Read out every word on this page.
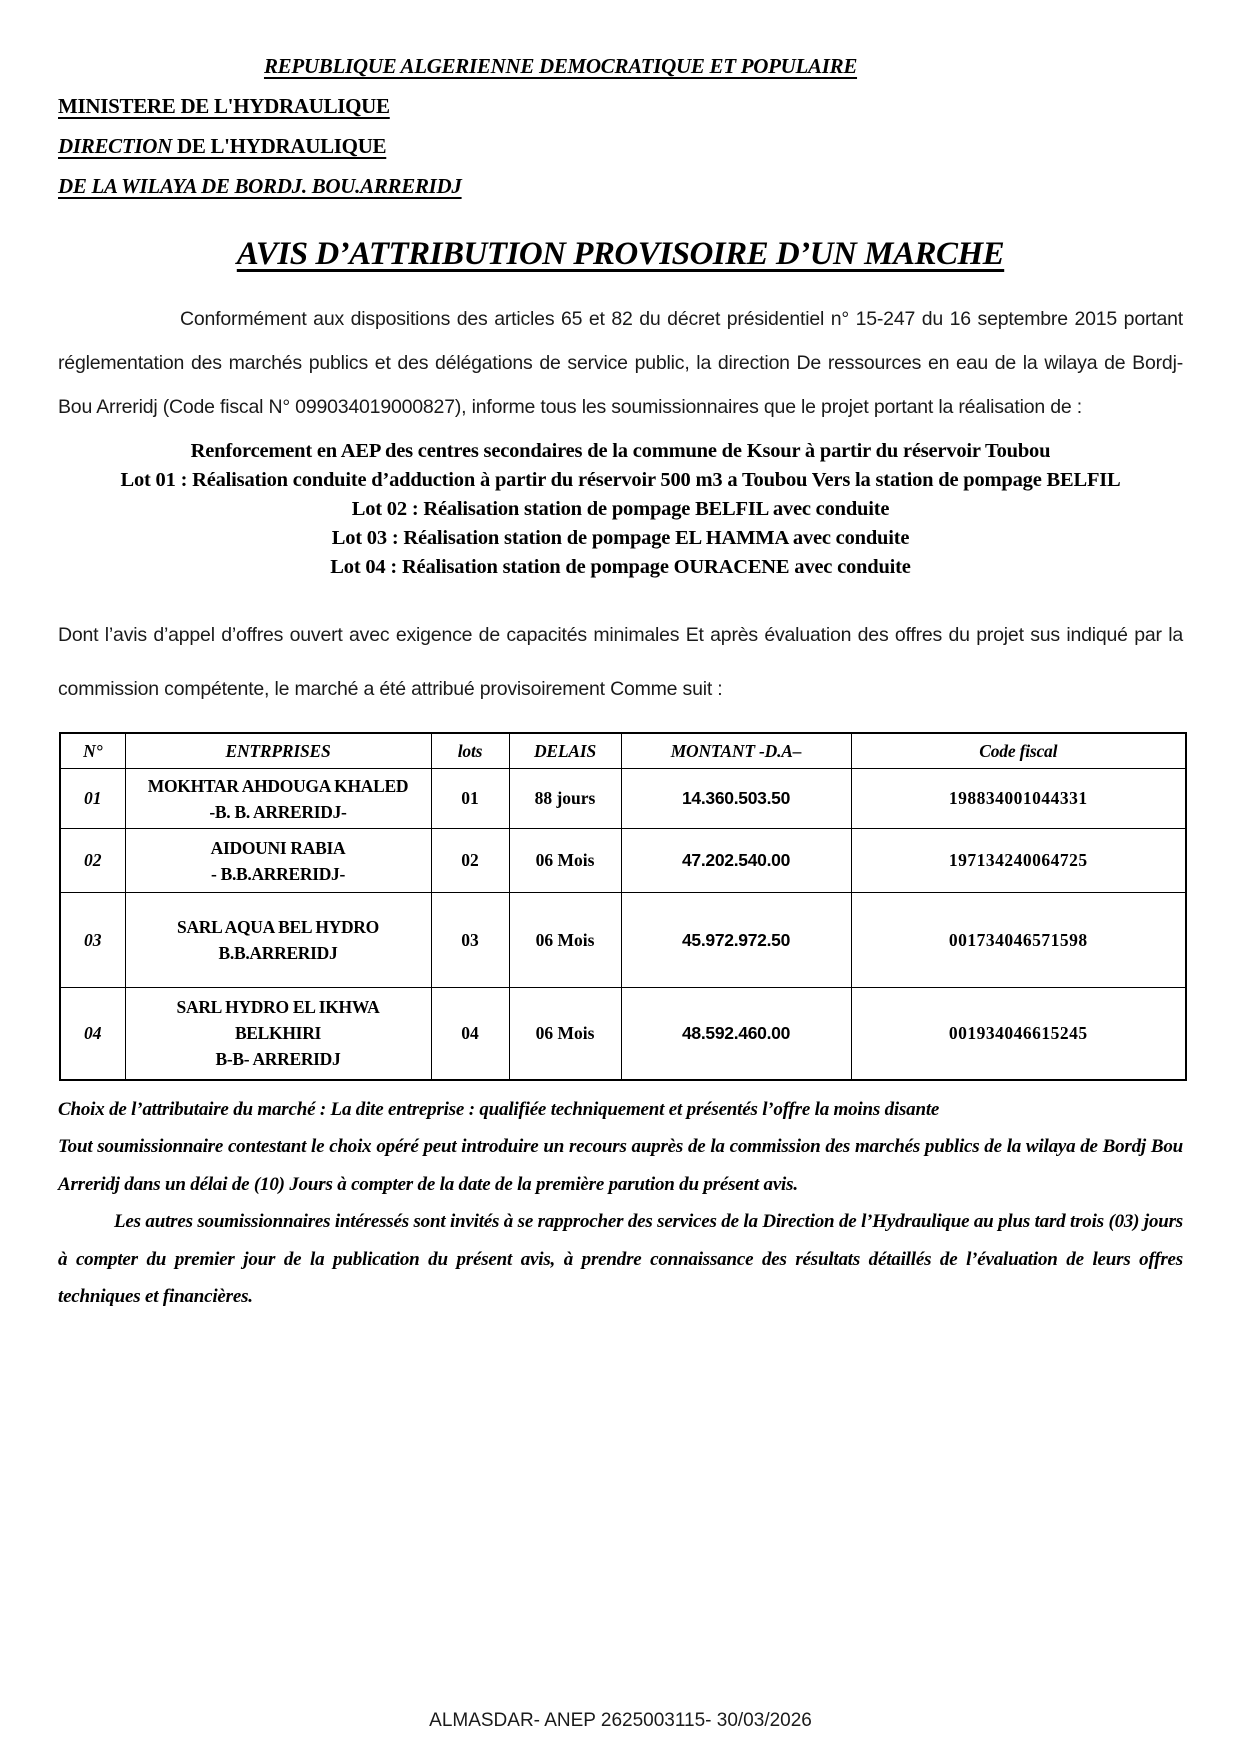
REPUBLIQUE ALGERIENNE DEMOCRATIQUE ET POPULAIRE
MINISTERE DE L'HYDRAULIQUE
DIRECTION DE L'HYDRAULIQUE
DE LA WILAYA DE BORDJ. BOU.ARRERIDJ
AVIS D’ATTRIBUTION PROVISOIRE D’UN MARCHE

Conformément aux dispositions des articles 65 et 82 du décret présidentiel n° 15-247 du 16 septembre 2015 portant réglementation des marchés publics et des délégations de service public, la direction De ressources en eau de la wilaya de Bordj- Bou Arreridj (Code fiscal N° 099034019000827), informe tous les soumissionnaires que le projet portant la réalisation de :

Renforcement en AEP des centres secondaires de la commune de Ksour à partir du réservoir Toubou
Lot 01 : Réalisation conduite d’adduction à partir du réservoir 500 m3 a Toubou Vers la station de pompage BELFIL
Lot 02 : Réalisation station de pompage BELFIL avec conduite
Lot 03 : Réalisation station de pompage EL HAMMA avec conduite
Lot 04 : Réalisation station de pompage OURACENE avec conduite

Dont l’avis d’appel d’offres ouvert avec exigence de capacités minimales Et après évaluation des offres du projet sus indiqué par la commission compétente, le marché a été attribué provisoirement Comme suit :

N°	ENTRPRISES	lots	DELAIS	MONTANT -D.A–	Code fiscal
01	MOKHTAR AHDOUGA KHALED
-B. B. ARRERIDJ-	01	88 jours	14.360.503.50	198834001044331
02	AIDOUNI RABIA
- B.B.ARRERIDJ-	02	06 Mois	47.202.540.00	197134240064725
03	SARL AQUA BEL HYDRO
B.B.ARRERIDJ	03	06 Mois	45.972.972.50	001734046571598
04	SARL HYDRO EL IKHWA
BELKHIRI
B-B- ARRERIDJ	04	06 Mois	48.592.460.00	001934046615245

Choix de l’attributaire du marché : La dite entreprise : qualifiée techniquement et présentés l’offre la moins disante

Tout soumissionnaire contestant le choix opéré peut introduire un recours auprès de la commission des marchés publics de la wilaya de Bordj Bou Arreridj dans un délai de (10) Jours à compter de la date de la première parution du présent avis.

Les autres soumissionnaires intéressés sont invités à se rapprocher des services de la Direction de l’Hydraulique au plus tard trois (03) jours à compter du premier jour de la publication du présent avis, à prendre connaissance des résultats détaillés de l’évaluation de leurs offres techniques et financières.

ALMASDAR- ANEP 2625003115- 30/03/2026
